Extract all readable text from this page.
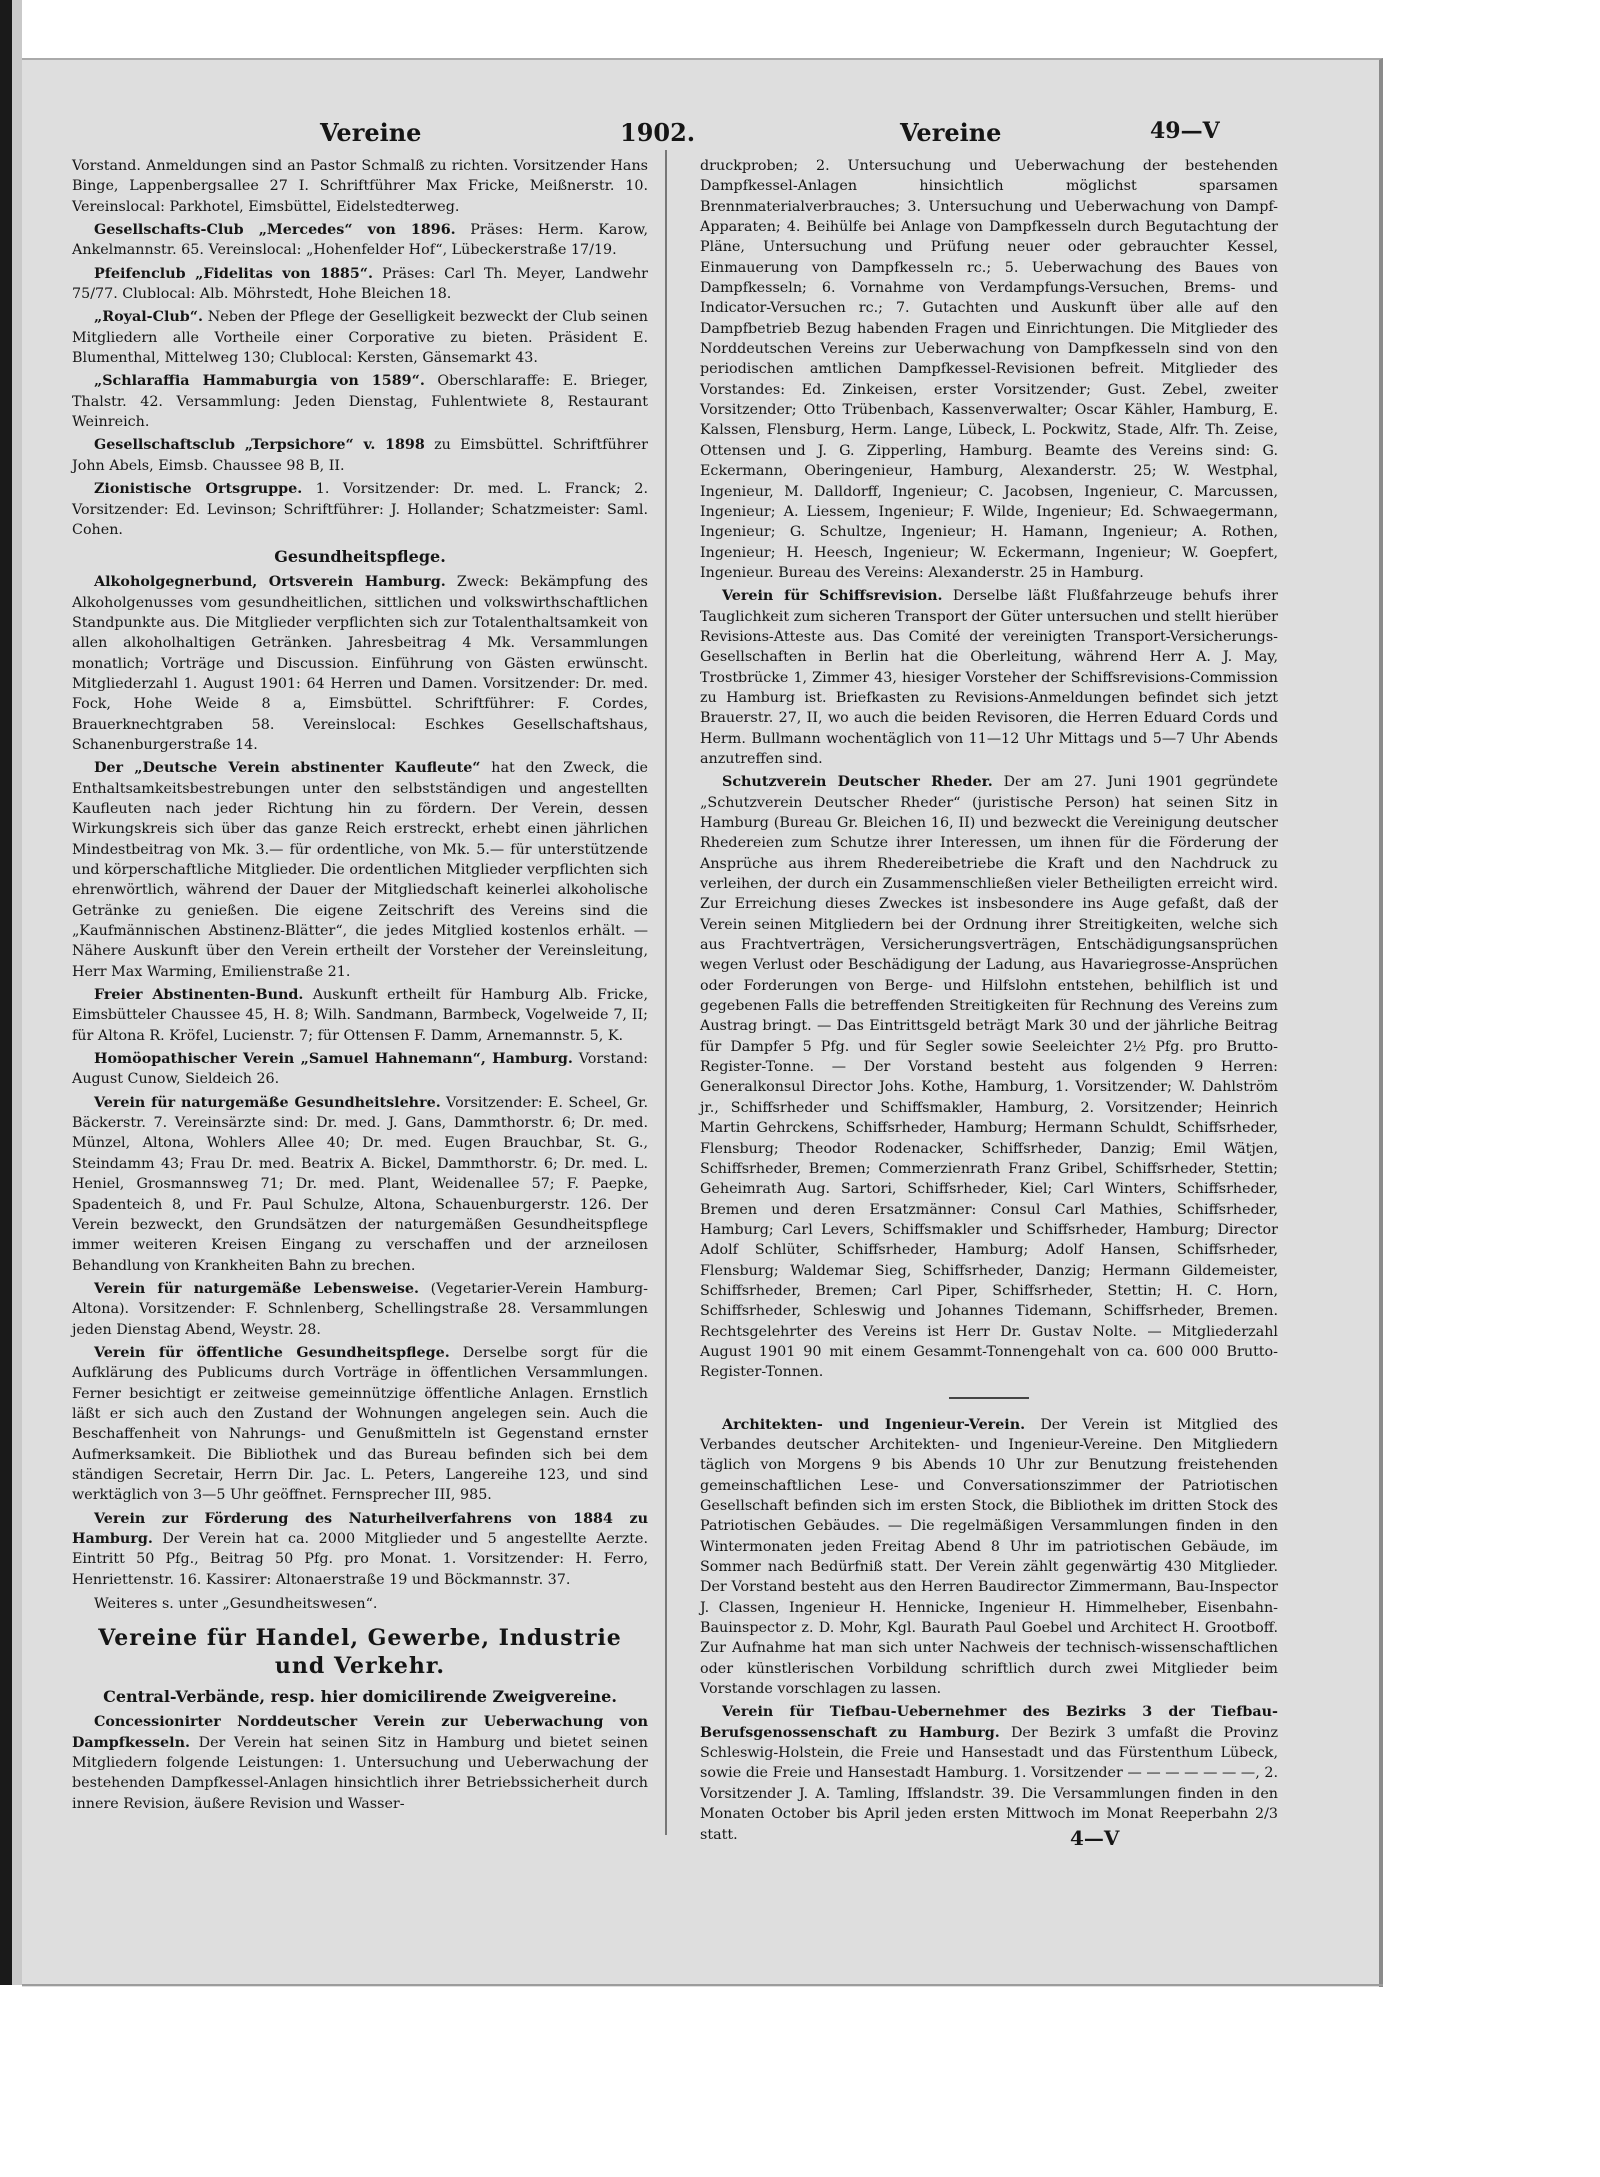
Vereine	1902.	Vereine	49—V

Vorstand. Anmeldungen sind an Pastor Schmalß zu richten. Vorsitzender Hans Binge, Lappenbergsallee 27 I. Schriftführer Max Fricke, Meißnerstr. 10. Vereinslocal: Parkhotel, Eimsbüttel, Eidelstedterweg.

Gesellschafts-Club „Mercedes“ von 1896. Präses: Herm. Karow, Ankelmannstr. 65. Vereinslocal: „Hohenfelder Hof“, Lübeckerstraße 17/19.

Pfeifenclub „Fidelitas von 1885“. Präses: Carl Th. Meyer, Landwehr 75/77. Clublocal: Alb. Möhrstedt, Hohe Bleichen 18.

„Royal-Club“. Neben der Pflege der Geselligkeit bezweckt der Club seinen Mitgliedern alle Vortheile einer Corporative zu bieten. Präsident E. Blumenthal, Mittelweg 130; Clublocal: Kersten, Gänsemarkt 43.

„Schlaraffia Hammaburgia von 1589“. Oberschlaraffe: E. Brieger, Thalstr. 42. Versammlung: Jeden Dienstag, Fuhlentwiete 8, Restaurant Weinreich.

Gesellschaftsclub „Terpsichore“ v. 1898 zu Eimsbüttel. Schriftführer John Abels, Eimsb. Chaussee 98 B, II.

Zionistische Ortsgruppe. 1. Vorsitzender: Dr. med. L. Franck; 2. Vorsitzender: Ed. Levinson; Schriftführer: J. Hollander; Schatzmeister: Saml. Cohen.

Gesundheitspflege.

Alkoholgegnerbund, Ortsverein Hamburg. Zweck: Bekämpfung des Alkoholgenusses vom gesundheitlichen, sittlichen und volkswirthschaftlichen Standpunkte aus. Die Mitglieder verpflichten sich zur Totalenthaltsamkeit von allen alkoholhaltigen Getränken. Jahresbeitrag 4 Mk. Versammlungen monatlich; Vorträge und Discussion. Einführung von Gästen erwünscht. Mitgliederzahl 1. August 1901: 64 Herren und Damen. Vorsitzender: Dr. med. Fock, Hohe Weide 8 a, Eimsbüttel. Schriftführer: F. Cordes, Brauerknechtgraben 58. Vereinslocal: Eschkes Gesellschaftshaus, Schanenburgerstraße 14.

Der „Deutsche Verein abstinenter Kaufleute“ hat den Zweck, die Enthaltsamkeitsbestrebungen unter den selbstständigen und angestellten Kaufleuten nach jeder Richtung hin zu fördern. Der Verein, dessen Wirkungskreis sich über das ganze Reich erstreckt, erhebt einen jährlichen Mindestbeitrag von Mk. 3.— für ordentliche, von Mk. 5.— für unterstützende und körperschaftliche Mitglieder. Die ordentlichen Mitglieder verpflichten sich ehrenwörtlich, während der Dauer der Mitgliedschaft keinerlei alkoholische Getränke zu genießen. Die eigene Zeitschrift des Vereins sind die „Kaufmännischen Abstinenz-Blätter“, die jedes Mitglied kostenlos erhält. — Nähere Auskunft über den Verein ertheilt der Vorsteher der Vereinsleitung, Herr Max Warming, Emilienstraße 21.

Freier Abstinenten-Bund. Auskunft ertheilt für Hamburg Alb. Fricke, Eimsbütteler Chaussee 45, H. 8; Wilh. Sandmann, Barmbeck, Vogelweide 7, II; für Altona R. Kröfel, Lucienstr. 7; für Ottensen F. Damm, Arnemannstr. 5, K.

Homöopathischer Verein „Samuel Hahnemann“, Hamburg. Vorstand: August Cunow, Sieldeich 26.

Verein für naturgemäße Gesundheitslehre. Vorsitzender: E. Scheel, Gr. Bäckerstr. 7. Vereinsärzte sind: Dr. med. J. Gans, Dammthorstr. 6; Dr. med. Münzel, Altona, Wohlers Allee 40; Dr. med. Eugen Brauchbar, St. G., Steindamm 43; Frau Dr. med. Beatrix A. Bickel, Dammthorstr. 6; Dr. med. L. Heniel, Grosmannsweg 71; Dr. med. Plant, Weidenallee 57; F. Paepke, Spadenteich 8, und Fr. Paul Schulze, Altona, Schauenburgerstr. 126. Der Verein bezweckt, den Grundsätzen der naturgemäßen Gesundheitspflege immer weiteren Kreisen Eingang zu verschaffen und der arzneilosen Behandlung von Krankheiten Bahn zu brechen.

Verein für naturgemäße Lebensweise. (Vegetarier-Verein Hamburg-Altona). Vorsitzender: F. Schnlenberg, Schellingstraße 28. Versammlungen jeden Dienstag Abend, Weystr. 28.

Verein für öffentliche Gesundheitspflege. Derselbe sorgt für die Aufklärung des Publicums durch Vorträge in öffentlichen Versammlungen. Ferner besichtigt er zeitweise gemeinnützige öffentliche Anlagen. Ernstlich läßt er sich auch den Zustand der Wohnungen angelegen sein. Auch die Beschaffenheit von Nahrungs- und Genußmitteln ist Gegenstand ernster Aufmerksamkeit. Die Bibliothek und das Bureau befinden sich bei dem ständigen Secretair, Herrn Dir. Jac. L. Peters, Langereihe 123, und sind werktäglich von 3—5 Uhr geöffnet. Fernsprecher III, 985.

Verein zur Förderung des Naturheilverfahrens von 1884 zu Hamburg. Der Verein hat ca. 2000 Mitglieder und 5 angestellte Aerzte. Eintritt 50 Pfg., Beitrag 50 Pfg. pro Monat. 1. Vorsitzender: H. Ferro, Henriettenstr. 16. Kassirer: Altonaerstraße 19 und Böckmannstr. 37.

Weiteres s. unter „Gesundheitswesen“.
Vereine für Handel, Gewerbe, Industrie und Verkehr.
Central-Verbände, resp. hier domicilirende Zweigvereine.

Concessionirter Norddeutscher Verein zur Ueberwachung von Dampfkesseln. Der Verein hat seinen Sitz in Hamburg und bietet seinen Mitgliedern folgende Leistungen: 1. Untersuchung und Ueberwachung der bestehenden Dampfkessel-Anlagen hinsichtlich ihrer Betriebssicherheit durch innere Revision, äußere Revision und Wasser-

druckproben; 2. Untersuchung und Ueberwachung der bestehenden Dampfkessel-Anlagen hinsichtlich möglichst sparsamen Brennmaterialverbrauches; 3. Untersuchung und Ueberwachung von Dampf-Apparaten; 4. Beihülfe bei Anlage von Dampfkesseln durch Begutachtung der Pläne, Untersuchung und Prüfung neuer oder gebrauchter Kessel, Einmauerung von Dampfkesseln rc.; 5. Ueberwachung des Baues von Dampfkesseln; 6. Vornahme von Verdampfungs-Versuchen, Brems- und Indicator-Versuchen rc.; 7. Gutachten und Auskunft über alle auf den Dampfbetrieb Bezug habenden Fragen und Einrichtungen. Die Mitglieder des Norddeutschen Vereins zur Ueberwachung von Dampfkesseln sind von den periodischen amtlichen Dampfkessel-Revisionen befreit. Mitglieder des Vorstandes: Ed. Zinkeisen, erster Vorsitzender; Gust. Zebel, zweiter Vorsitzender; Otto Trübenbach, Kassenverwalter; Oscar Kähler, Hamburg, E. Kalssen, Flensburg, Herm. Lange, Lübeck, L. Pockwitz, Stade, Alfr. Th. Zeise, Ottensen und J. G. Zipperling, Hamburg. Beamte des Vereins sind: G. Eckermann, Oberingenieur, Hamburg, Alexanderstr. 25; W. Westphal, Ingenieur, M. Dalldorff, Ingenieur; C. Jacobsen, Ingenieur, C. Marcussen, Ingenieur; A. Liessem, Ingenieur; F. Wilde, Ingenieur; Ed. Schwaegermann, Ingenieur; G. Schultze, Ingenieur; H. Hamann, Ingenieur; A. Rothen, Ingenieur; H. Heesch, Ingenieur; W. Eckermann, Ingenieur; W. Goepfert, Ingenieur. Bureau des Vereins: Alexanderstr. 25 in Hamburg.

Verein für Schiffsrevision. Derselbe läßt Flußfahrzeuge behufs ihrer Tauglichkeit zum sicheren Transport der Güter untersuchen und stellt hierüber Revisions-Atteste aus. Das Comité der vereinigten Transport-Versicherungs-Gesellschaften in Berlin hat die Oberleitung, während Herr A. J. May, Trostbrücke 1, Zimmer 43, hiesiger Vorsteher der Schiffsrevisions-Commission zu Hamburg ist. Briefkasten zu Revisions-Anmeldungen befindet sich jetzt Brauerstr. 27, II, wo auch die beiden Revisoren, die Herren Eduard Cords und Herm. Bullmann wochentäglich von 11—12 Uhr Mittags und 5—7 Uhr Abends anzutreffen sind.

Schutzverein Deutscher Rheder. Der am 27. Juni 1901 gegründete „Schutzverein Deutscher Rheder“ (juristische Person) hat seinen Sitz in Hamburg (Bureau Gr. Bleichen 16, II) und bezweckt die Vereinigung deutscher Rhedereien zum Schutze ihrer Interessen, um ihnen für die Förderung der Ansprüche aus ihrem Rhedereibetriebe die Kraft und den Nachdruck zu verleihen, der durch ein Zusammenschließen vieler Betheiligten erreicht wird. Zur Erreichung dieses Zweckes ist insbesondere ins Auge gefaßt, daß der Verein seinen Mitgliedern bei der Ordnung ihrer Streitigkeiten, welche sich aus Frachtverträgen, Versicherungsverträgen, Entschädigungsansprüchen wegen Verlust oder Beschädigung der Ladung, aus Havariegrosse-Ansprüchen oder Forderungen von Berge- und Hilfslohn entstehen, behilflich ist und gegebenen Falls die betreffenden Streitigkeiten für Rechnung des Vereins zum Austrag bringt. — Das Eintrittsgeld beträgt Mark 30 und der jährliche Beitrag für Dampfer 5 Pfg. und für Segler sowie Seeleichter 2½ Pfg. pro Brutto-Register-Tonne. — Der Vorstand besteht aus folgenden 9 Herren: Generalkonsul Director Johs. Kothe, Hamburg, 1. Vorsitzender; W. Dahlström jr., Schiffsrheder und Schiffsmakler, Hamburg, 2. Vorsitzender; Heinrich Martin Gehrckens, Schiffsrheder, Hamburg; Hermann Schuldt, Schiffsrheder, Flensburg; Theodor Rodenacker, Schiffsrheder, Danzig; Emil Wätjen, Schiffsrheder, Bremen; Commerzienrath Franz Gribel, Schiffsrheder, Stettin; Geheimrath Aug. Sartori, Schiffsrheder, Kiel; Carl Winters, Schiffsrheder, Bremen und deren Ersatzmänner: Consul Carl Mathies, Schiffsrheder, Hamburg; Carl Levers, Schiffsmakler und Schiffsrheder, Hamburg; Director Adolf Schlüter, Schiffsrheder, Hamburg; Adolf Hansen, Schiffsrheder, Flensburg; Waldemar Sieg, Schiffsrheder, Danzig; Hermann Gildemeister, Schiffsrheder, Bremen; Carl Piper, Schiffsrheder, Stettin; H. C. Horn, Schiffsrheder, Schleswig und Johannes Tidemann, Schiffsrheder, Bremen. Rechtsgelehrter des Vereins ist Herr Dr. Gustav Nolte. — Mitgliederzahl August 1901 90 mit einem Gesammt-Tonnengehalt von ca. 600 000 Brutto-Register-Tonnen.

Architekten- und Ingenieur-Verein. Der Verein ist Mitglied des Verbandes deutscher Architekten- und Ingenieur-Vereine. Den Mitgliedern täglich von Morgens 9 bis Abends 10 Uhr zur Benutzung freistehenden gemeinschaftlichen Lese- und Conversationszimmer der Patriotischen Gesellschaft befinden sich im ersten Stock, die Bibliothek im dritten Stock des Patriotischen Gebäudes. — Die regelmäßigen Versammlungen finden in den Wintermonaten jeden Freitag Abend 8 Uhr im patriotischen Gebäude, im Sommer nach Bedürfniß statt. Der Verein zählt gegenwärtig 430 Mitglieder. Der Vorstand besteht aus den Herren Baudirector Zimmermann, Bau-Inspector J. Classen, Ingenieur H. Hennicke, Ingenieur H. Himmelheber, Eisenbahn-Bauinspector z. D. Mohr, Kgl. Baurath Paul Goebel und Architect H. Grootboff. Zur Aufnahme hat man sich unter Nachweis der technisch-wissenschaftlichen oder künstlerischen Vorbildung schriftlich durch zwei Mitglieder beim Vorstande vorschlagen zu lassen.

Verein für Tiefbau-Uebernehmer des Bezirks 3 der Tiefbau-Berufsgenossenschaft zu Hamburg. Der Bezirk 3 umfaßt die Provinz Schleswig-Holstein, die Freie und Hansestadt und das Fürstenthum Lübeck, sowie die Freie und Hansestadt Hamburg. 1. Vorsitzender — — — — — — —, 2. Vorsitzender J. A. Tamling, Iffslandstr. 39. Die Versammlungen finden in den Monaten October bis April jeden ersten Mittwoch im Monat Reeperbahn 2/3 statt.	4—V
